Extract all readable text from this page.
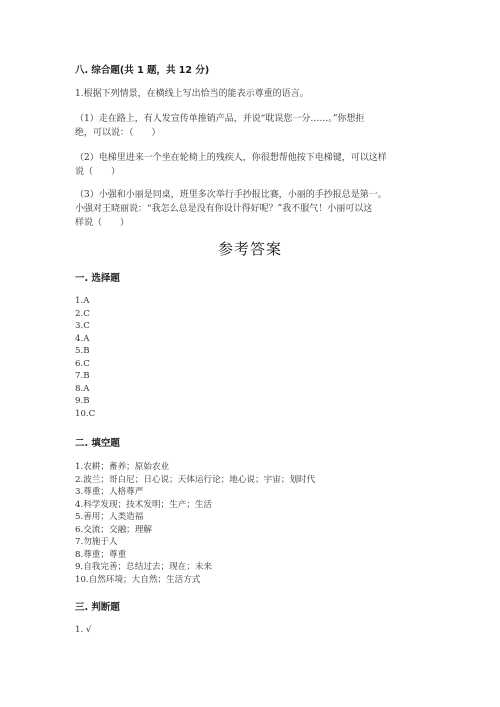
八. 综合题(共 1 题，共 12 分)
1.根据下列情景，在横线上写出恰当的能表示尊重的语言。
（1）走在路上，有人发宣传单推销产品，并说“耽误您一分……。”你想拒
绝，可以说：（　　）
（2）电梯里进来一个坐在轮椅上的残疾人，你很想帮他按下电梯键，可以这样
说（　　）
（3）小强和小丽是同桌，班里多次举行手抄报比赛，小丽的手抄报总是第一。
小强对王晓丽说：“我怎么总是没有你设计得好呢？”我不服气！小丽可以这
样说（　　）
参考答案
一. 选择题
1.A
2.C
3.C
4.A
5.B
6.C
7.B
8.A
9.B
10.C
二. 填空题
1.农耕；畜养；原始农业
2.波兰；哥白尼；日心说；天体运行论；地心说；宇宙；划时代
3.尊重；人格尊严
4.科学发现；技术发明；生产；生活
5.善用；人类造福
6.交流；交融；理解
7.勿施于人
8.尊重；尊重
9.自我完善；总结过去；现在；未来
10.自然环境；大自然；生活方式
三. 判断题
1. √
